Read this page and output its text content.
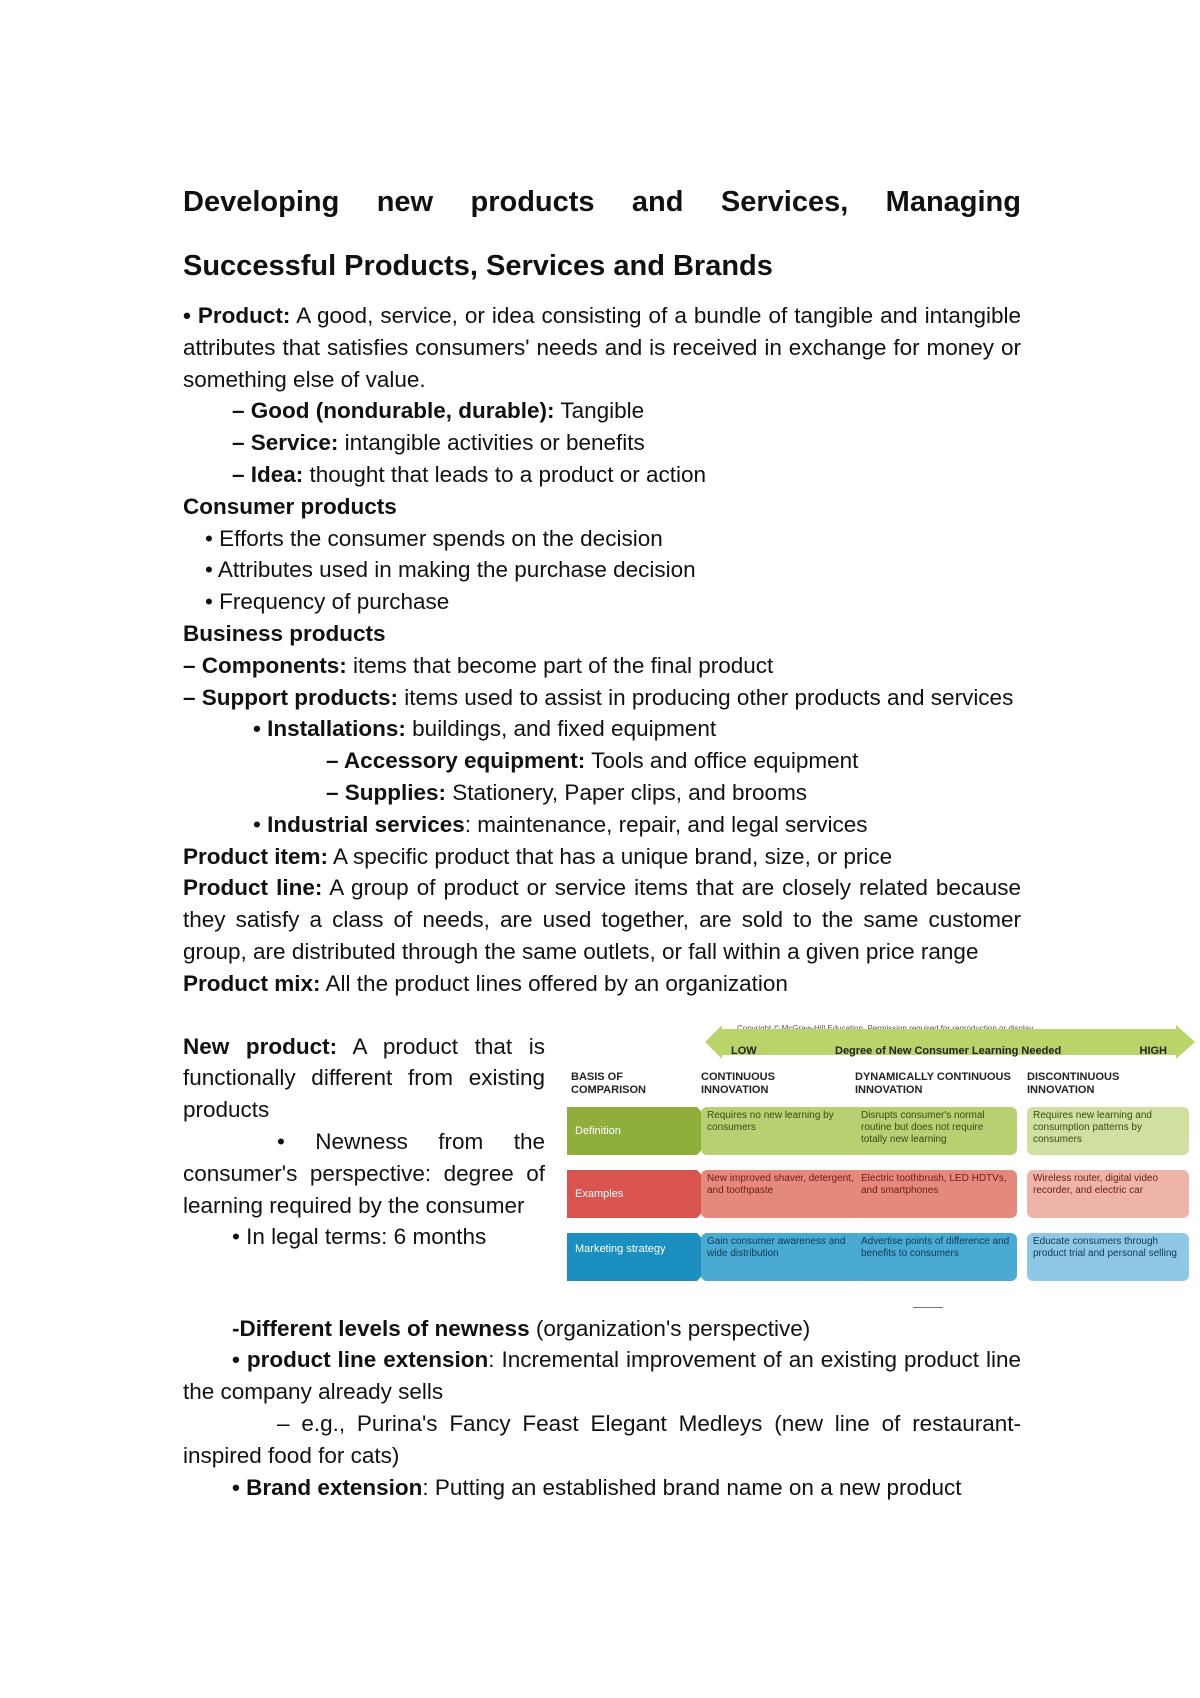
Developing new products and Services, Managing
Successful Products, Services and Brands

• Product: A good, service, or idea consisting of a bundle of tangible and intangible attributes that satisfies consumers' needs and is received in exchange for money or something else of value.

– Good (nondurable, durable): Tangible

– Service: intangible activities or benefits

– Idea: thought that leads to a product or action

Consumer products

• Efforts the consumer spends on the decision

• Attributes used in making the purchase decision

• Frequency of purchase

Business products

– Components: items that become part of the final product

– Support products: items used to assist in producing other products and services

• Installations: buildings, and fixed equipment

– Accessory equipment: Tools and office equipment

– Supplies: Stationery, Paper clips, and brooms

• Industrial services: maintenance, repair, and legal services

Product item: A specific product that has a unique brand, size, or price

Product line: A group of product or service items that are closely related because they satisfy a class of needs, are used together, are sold to the same customer group, are distributed through the same outlets, or fall within a given price range

Product mix: All the product lines offered by an organization

New product: A product that is functionally different from existing products

• Newness from the consumer's perspective: degree of learning required by the consumer

• In legal terms: 6 months

LOW	Degree of New Consumer Learning Needed	HIGH
BASIS OF COMPARISON
CONTINUOUS INNOVATION
DYNAMICALLY CONTINUOUS INNOVATION
DISCONTINUOUS INNOVATION
Definition
Requires no new learning by consumers
Disrupts consumer's normal routine but does not require totally new learning
Requires new learning and consumption patterns by consumers
Examples
New improved shaver, detergent, and toothpaste
Electric toothbrush, LED HDTVs, and smartphones
Wireless router, digital video recorder, and electric car
Marketing strategy
Gain consumer awareness and wide distribution
Advertise points of difference and benefits to consumers
Educate consumers through product trial and personal selling

-Different levels of newness (organization's perspective)

• product line extension: Incremental improvement of an existing product line the company already sells

– e.g., Purina's Fancy Feast Elegant Medleys (new line of restaurant-inspired food for cats)

• Brand extension: Putting an established brand name on a new product
